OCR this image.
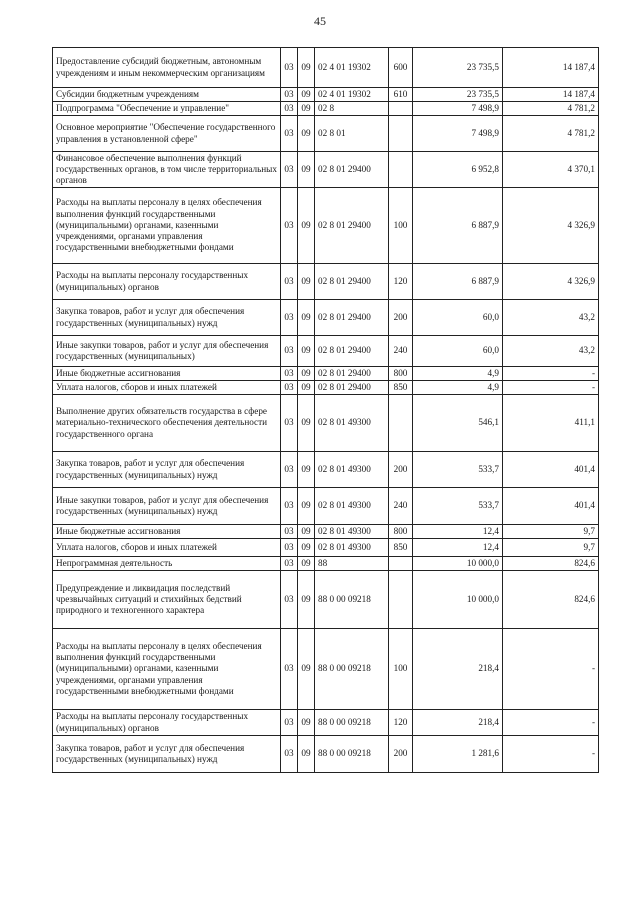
45
Предоставление субсидий бюджетным, автономным учреждениям и иным некоммерческим организациям	03	09	02 4 01 19302	600	23 735,5	14 187,4
Субсидии бюджетным учреждениям	03	09	02 4 01 19302	610	23 735,5	14 187,4
Подпрограмма "Обеспечение и управление"	03	09	02 8		7 498,9	4 781,2
Основное мероприятие "Обеспечение государственного управления в установленной сфере"	03	09	02 8 01		7 498,9	4 781,2
Финансовое обеспечение выполнения функций государственных органов, в том числе территориальных органов	03	09	02 8 01 29400		6 952,8	4 370,1
Расходы на выплаты персоналу в целях обеспечения выполнения функций государственными (муниципальными) органами, казенными учреждениями, органами управления государственными внебюджетными фондами	03	09	02 8 01 29400	100	6 887,9	4 326,9
Расходы на выплаты персоналу государственных (муниципальных) органов	03	09	02 8 01 29400	120	6 887,9	4 326,9
Закупка товаров, работ и услуг для обеспечения государственных (муниципальных) нужд	03	09	02 8 01 29400	200	60,0	43,2
Иные закупки товаров, работ и услуг для обеспечения государственных (муниципальных)	03	09	02 8 01 29400	240	60,0	43,2
Иные бюджетные ассигнования	03	09	02 8 01 29400	800	4,9	-
Уплата налогов, сборов и иных платежей	03	09	02 8 01 29400	850	4,9	-
Выполнение других обязательств государства в сфере материально-технического обеспечения деятельности государственного органа	03	09	02 8 01 49300		546,1	411,1
Закупка товаров, работ и услуг для обеспечения государственных (муниципальных) нужд	03	09	02 8 01 49300	200	533,7	401,4
Иные закупки товаров, работ и услуг для обеспечения государственных (муниципальных) нужд	03	09	02 8 01 49300	240	533,7	401,4
Иные бюджетные ассигнования	03	09	02 8 01 49300	800	12,4	9,7
Уплата налогов, сборов и иных платежей	03	09	02 8 01 49300	850	12,4	9,7
Непрограммная деятельность	03	09	88		10 000,0	824,6
Предупреждение и ликвидация последствий чрезвычайных ситуаций и стихийных бедствий природного и техногенного характера	03	09	88 0 00 09218		10 000,0	824,6
Расходы на выплаты персоналу в целях обеспечения выполнения функций государственными (муниципальными) органами, казенными учреждениями, органами управления государственными внебюджетными фондами	03	09	88 0 00 09218	100	218,4	-
Расходы на выплаты персоналу государственных (муниципальных) органов	03	09	88 0 00 09218	120	218,4	-
Закупка товаров, работ и услуг для обеспечения государственных (муниципальных) нужд	03	09	88 0 00 09218	200	1 281,6	-
